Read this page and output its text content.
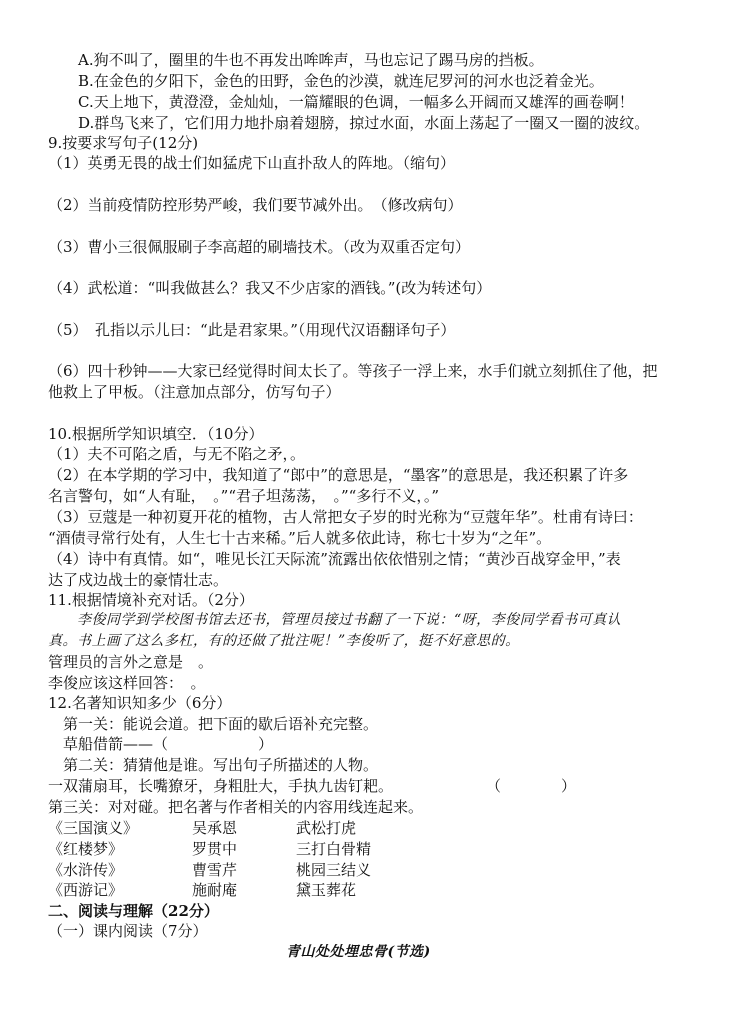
A.狗不叫了，圈里的牛也不再发出哞哞声，马也忘记了踢马房的挡板。
B.在金色的夕阳下，金色的田野，金色的沙漠，就连尼罗河的河水也泛着金光。
C.天上地下，黄澄澄，金灿灿，一篇耀眼的色调，一幅多么开阔而又雄浑的画卷啊！
D.群鸟飞来了，它们用力地扑扇着翅膀，掠过水面，水面上荡起了一圈又一圈的波纹。
9.按要求写句子(12分)
（1）英勇无畏的战士们如猛虎下山直扑敌人的阵地。（缩句）
（2）当前疫情防控形势严峻，我们要节减外出。　（修改病句）
（3）曹小三很佩服刷子李高超的刷墙技术。（改为双重否定句）
（4）武松道：“叫我做甚么？我又不少店家的酒钱。”(改为转述句）
（5）　孔指以示儿曰：“此是君家果。”（用现代汉语翻译句子）
（6）四十秒钟——大家已经觉得时间太长了。等孩子一浮上来，水手们就立刻抓住了他，把
他救上了甲板。（注意加点部分，仿写句子）
10.根据所学知识填空．（10分）
（1）夫不可陷之盾，与无不陷之矛，。
（2）在本学期的学习中，我知道了“郎中”的意思是，“墨客”的意思是，我还积累了许多
名言警句，如“人有耻，　。”“君子坦荡荡，　。”“多行不义，。”
（3）豆蔻是一种初夏开花的植物，古人常把女子岁的时光称为“豆蔻年华”。杜甫有诗曰：
“酒债寻常行处有，人生七十古来稀。”后人就多依此诗，称七十岁为“之年”。
（4）诗中有真情。如“，唯见长江天际流”流露出依依惜别之情；“黄沙百战穿金甲，”表
达了戍边战士的豪情壮志。
11.根据情境补充对话。（2分）
　　李俊同学到学校图书馆去还书，管理员接过书翻了一下说：“呀，李俊同学看书可真认
真。书上画了这么多杠，有的还做了批注呢！”李俊听了，挺不好意思的。
管理员的言外之意是　。
李俊应该这样回答：　。
12.名著知识知多少（6分）
　第一关：能说会道。把下面的歇后语补充完整。
　草船借箭——（　　　　　　）
　第二关：猜猜他是谁。写出句子所描述的人物。
一双蒲扇耳，长嘴獠牙，身粗肚大，手执九齿钉耙。	（　　　　）
第三关：对对碰。把名著与作者相关的内容用线连起来。
《三国演义》	吴承恩	武松打虎
《红楼梦》	罗贯中	三打白骨精
《水浒传》	曹雪芹	桃园三结义
《西游记》	施耐庵	黛玉葬花
二、阅读与理解（22分）
（一）课内阅读（7分）
青山处处埋忠骨(节选)
